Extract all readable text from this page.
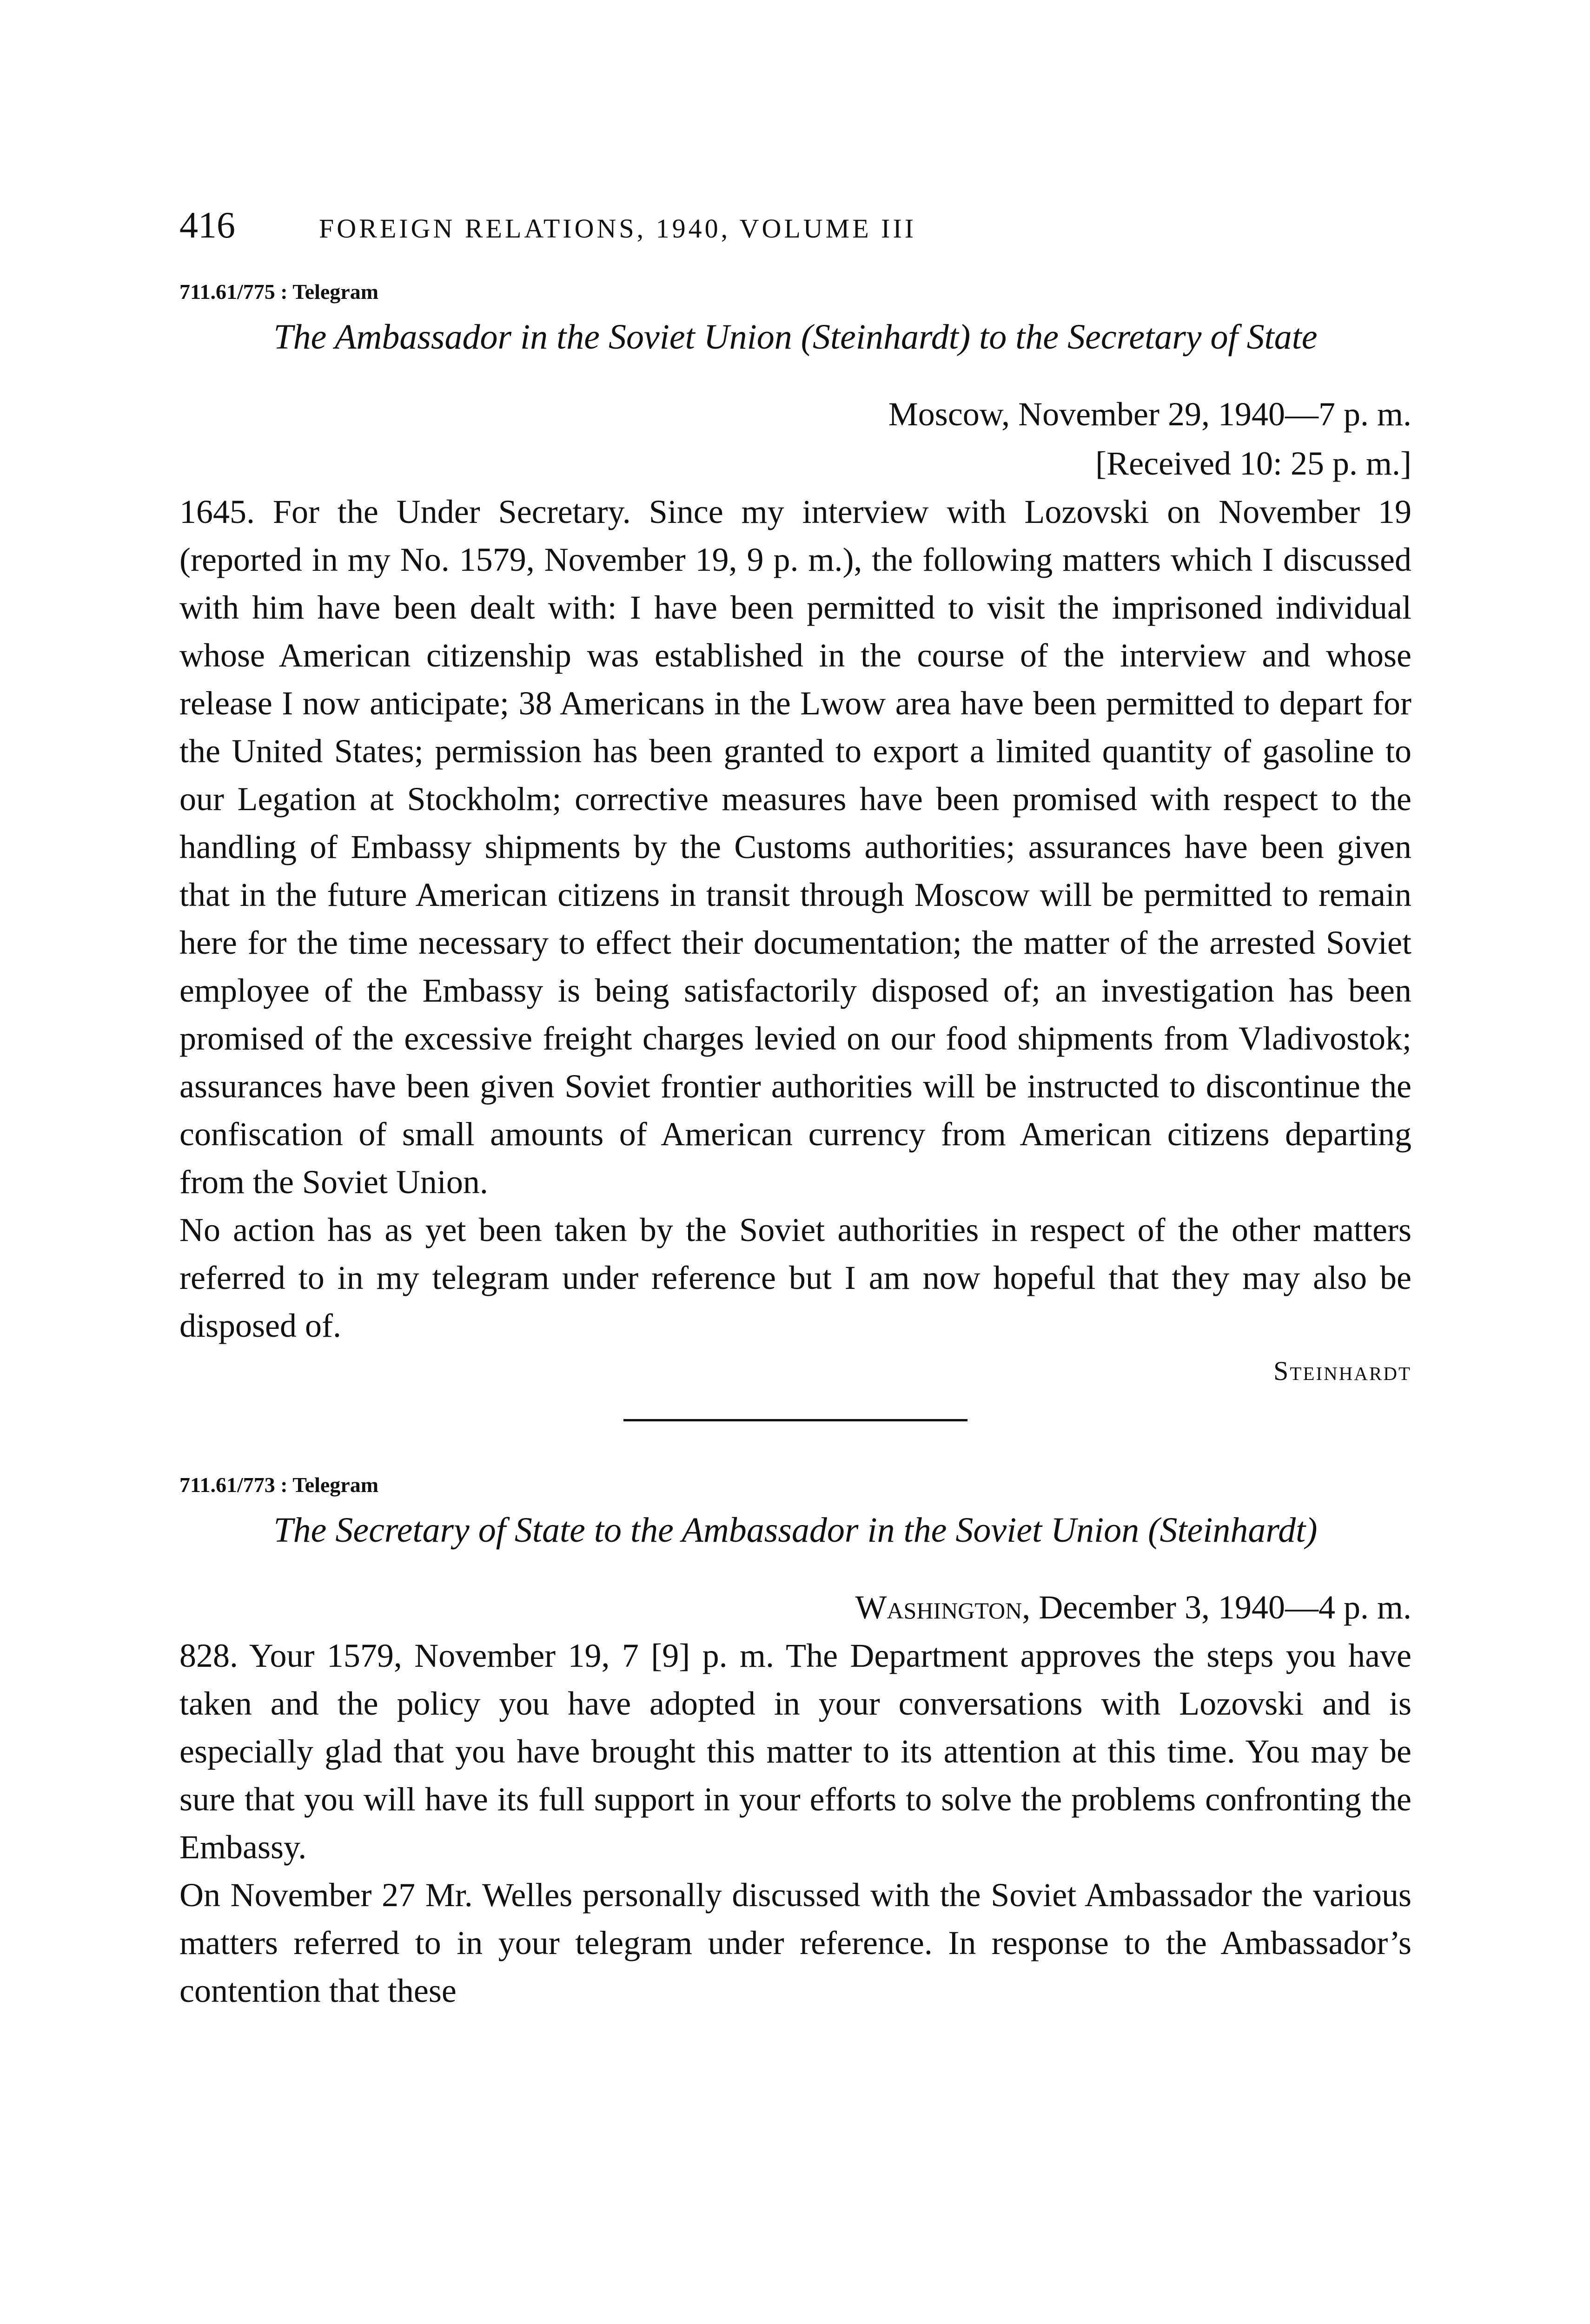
416	FOREIGN RELATIONS, 1940, VOLUME III
711.61/775 : Telegram
The Ambassador in the Soviet Union (Steinhardt) to the Secretary of State
Moscow, November 29, 1940—7 p. m.
[Received 10: 25 p. m.]

1645. For the Under Secretary. Since my interview with Lozovski on November 19 (reported in my No. 1579, November 19, 9 p. m.), the following matters which I discussed with him have been dealt with: I have been permitted to visit the imprisoned individual whose American citizenship was established in the course of the interview and whose release I now anticipate; 38 Americans in the Lwow area have been permitted to depart for the United States; permission has been granted to export a limited quantity of gasoline to our Legation at Stockholm; corrective measures have been promised with respect to the handling of Embassy shipments by the Customs authorities; assurances have been given that in the future American citizens in transit through Moscow will be permitted to remain here for the time necessary to effect their documentation; the matter of the arrested Soviet employee of the Embassy is being satisfactorily disposed of; an investigation has been promised of the excessive freight charges levied on our food shipments from Vladivostok; assurances have been given Soviet frontier authorities will be instructed to discontinue the confiscation of small amounts of American currency from American citizens departing from the Soviet Union.

No action has as yet been taken by the Soviet authorities in respect of the other matters referred to in my telegram under reference but I am now hopeful that they may also be disposed of.

Steinhardt
711.61/773 : Telegram
The Secretary of State to the Ambassador in the Soviet Union (Steinhardt)
Washington, December 3, 1940—4 p. m.

828. Your 1579, November 19, 7 [9] p. m. The Department approves the steps you have taken and the policy you have adopted in your conversations with Lozovski and is especially glad that you have brought this matter to its attention at this time. You may be sure that you will have its full support in your efforts to solve the problems confronting the Embassy.

On November 27 Mr. Welles personally discussed with the Soviet Ambassador the various matters referred to in your telegram under reference. In response to the Ambassador’s contention that these
